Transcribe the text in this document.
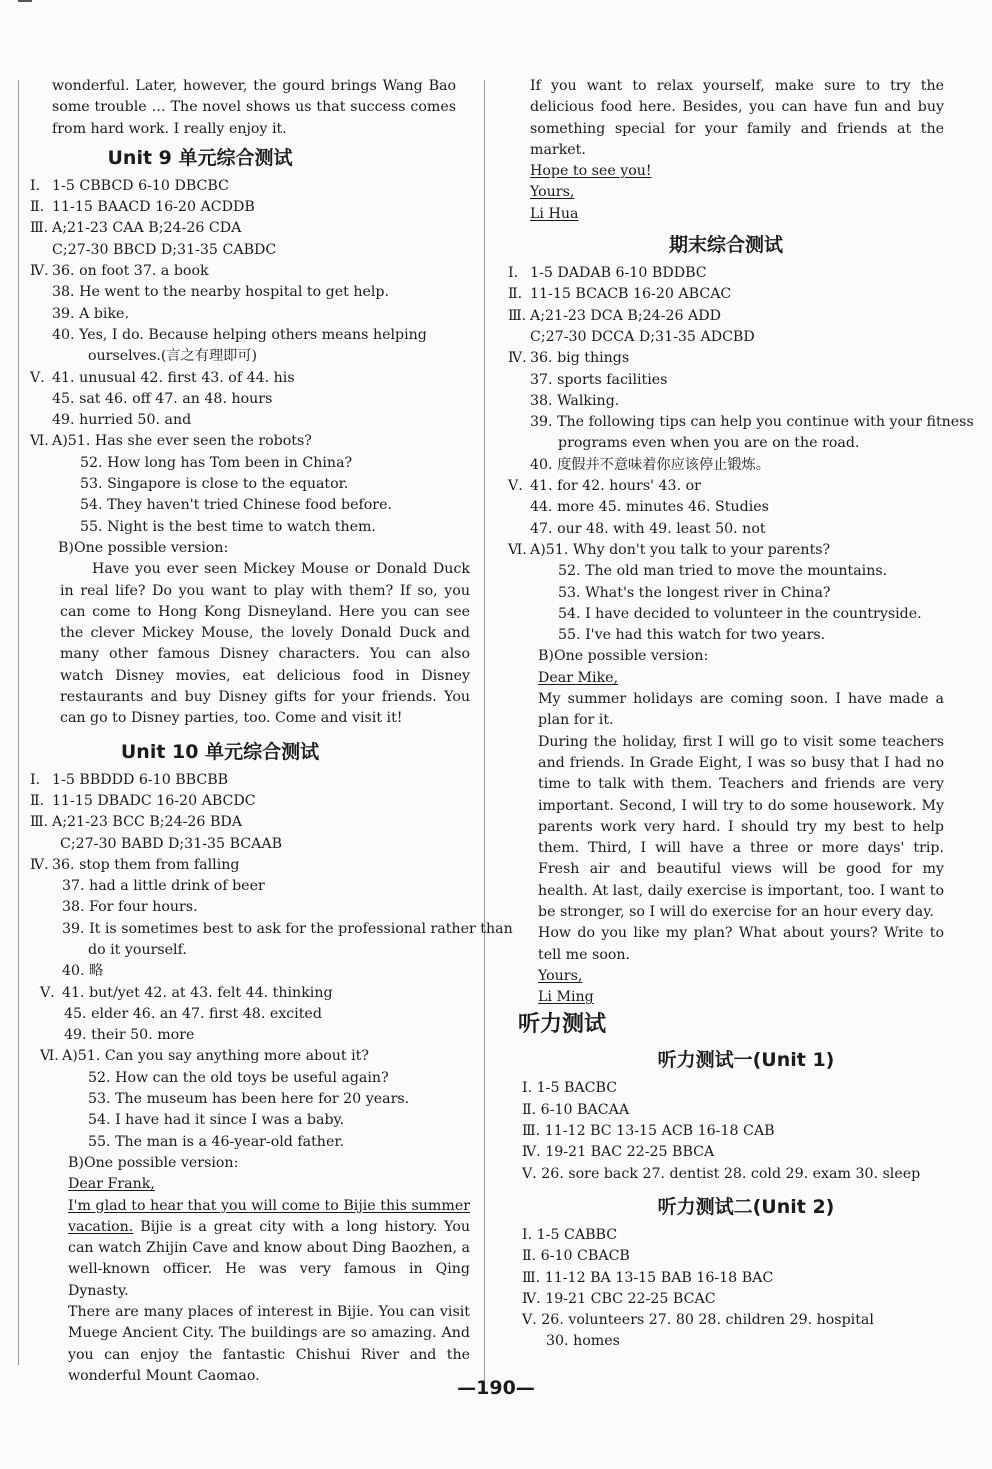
wonderful. Later, however, the gourd brings Wang Bao some trouble … The novel shows us that success comes from hard work. I really enjoy it.
Unit 9 单元综合测试
Ⅰ. 1-5 CBBCD 6-10 DBCBC
Ⅱ. 11-15 BAACD 16-20 ACDDB
Ⅲ. A;21-23 CAA B;24-26 CDA
C;27-30 BBCD D;31-35 CABDC
Ⅳ. 36. on foot 37. a book
38. He went to the nearby hospital to get help.
39. A bike.
40. Yes, I do. Because helping others means helping
ourselves.(言之有理即可)
Ⅴ. 41. unusual 42. first 43. of 44. his
45. sat 46. off 47. an 48. hours
49. hurried 50. and
Ⅵ. A)51. Has she ever seen the robots?
52. How long has Tom been in China?
53. Singapore is close to the equator.
54. They haven't tried Chinese food before.
55. Night is the best time to watch them.
B)One possible version:
Have you ever seen Mickey Mouse or Donald Duck in real life? Do you want to play with them? If so, you can come to Hong Kong Disneyland. Here you can see the clever Mickey Mouse, the lovely Donald Duck and many other famous Disney characters. You can also watch Disney movies, eat delicious food in Disney restaurants and buy Disney gifts for your friends. You can go to Disney parties, too. Come and visit it!
Unit 10 单元综合测试
Ⅰ. 1-5 BBDDD 6-10 BBCBB
Ⅱ. 11-15 DBADC 16-20 ABCDC
Ⅲ. A;21-23 BCC B;24-26 BDA
C;27-30 BABD D;31-35 BCAAB
Ⅳ. 36. stop them from falling
37. had a little drink of beer
38. For four hours.
39. It is sometimes best to ask for the professional rather than
do it yourself.
40. 略
Ⅴ. 41. but/yet 42. at 43. felt 44. thinking
45. elder 46. an 47. first 48. excited
49. their 50. more
Ⅵ. A)51. Can you say anything more about it?
52. How can the old toys be useful again?
53. The museum has been here for 20 years.
54. I have had it since I was a baby.
55. The man is a 46-year-old father.
B)One possible version:
Dear Frank,
I'm glad to hear that you will come to Bijie this summer vacation. Bijie is a great city with a long history. You can watch Zhijin Cave and know about Ding Baozhen, a well-known officer. He was very famous in Qing Dynasty.
There are many places of interest in Bijie. You can visit Muege Ancient City. The buildings are so amazing. And you can enjoy the fantastic Chishui River and the wonderful Mount Caomao.
If you want to relax yourself, make sure to try the delicious food here. Besides, you can have fun and buy something special for your family and friends at the market.
Hope to see you!
Yours,
Li Hua
期末综合测试
Ⅰ. 1-5 DADAB 6-10 BDDBC
Ⅱ. 11-15 BCACB 16-20 ABCAC
Ⅲ. A;21-23 DCA B;24-26 ADD
C;27-30 DCCA D;31-35 ADCBD
Ⅳ. 36. big things
37. sports facilities
38. Walking.
39. The following tips can help you continue with your fitness
programs even when you are on the road.
40. 度假并不意味着你应该停止锻炼。
Ⅴ. 41. for 42. hours' 43. or
44. more 45. minutes 46. Studies
47. our 48. with 49. least 50. not
Ⅵ. A)51. Why don't you talk to your parents?
52. The old man tried to move the mountains.
53. What's the longest river in China?
54. I have decided to volunteer in the countryside.
55. I've had this watch for two years.
B)One possible version:
Dear Mike,
My summer holidays are coming soon. I have made a plan for it.
During the holiday, first I will go to visit some teachers and friends. In Grade Eight, I was so busy that I had no time to talk with them. Teachers and friends are very important. Second, I will try to do some housework. My parents work very hard. I should try my best to help them. Third, I will have a three or more days' trip. Fresh air and beautiful views will be good for my health. At last, daily exercise is important, too. I want to be stronger, so I will do exercise for an hour every day.
How do you like my plan? What about yours? Write to tell me soon.
Yours,
Li Ming
听力测试
听力测试一(Unit 1)
Ⅰ. 1-5 BACBC
Ⅱ. 6-10 BACAA
Ⅲ. 11-12 BC 13-15 ACB 16-18 CAB
Ⅳ. 19-21 BAC 22-25 BBCA
Ⅴ. 26. sore back 27. dentist 28. cold 29. exam 30. sleep
听力测试二(Unit 2)
Ⅰ. 1-5 CABBC
Ⅱ. 6-10 CBACB
Ⅲ. 11-12 BA 13-15 BAB 16-18 BAC
Ⅳ. 19-21 CBC 22-25 BCAC
Ⅴ. 26. volunteers 27. 80 28. children 29. hospital
30. homes
—190—
